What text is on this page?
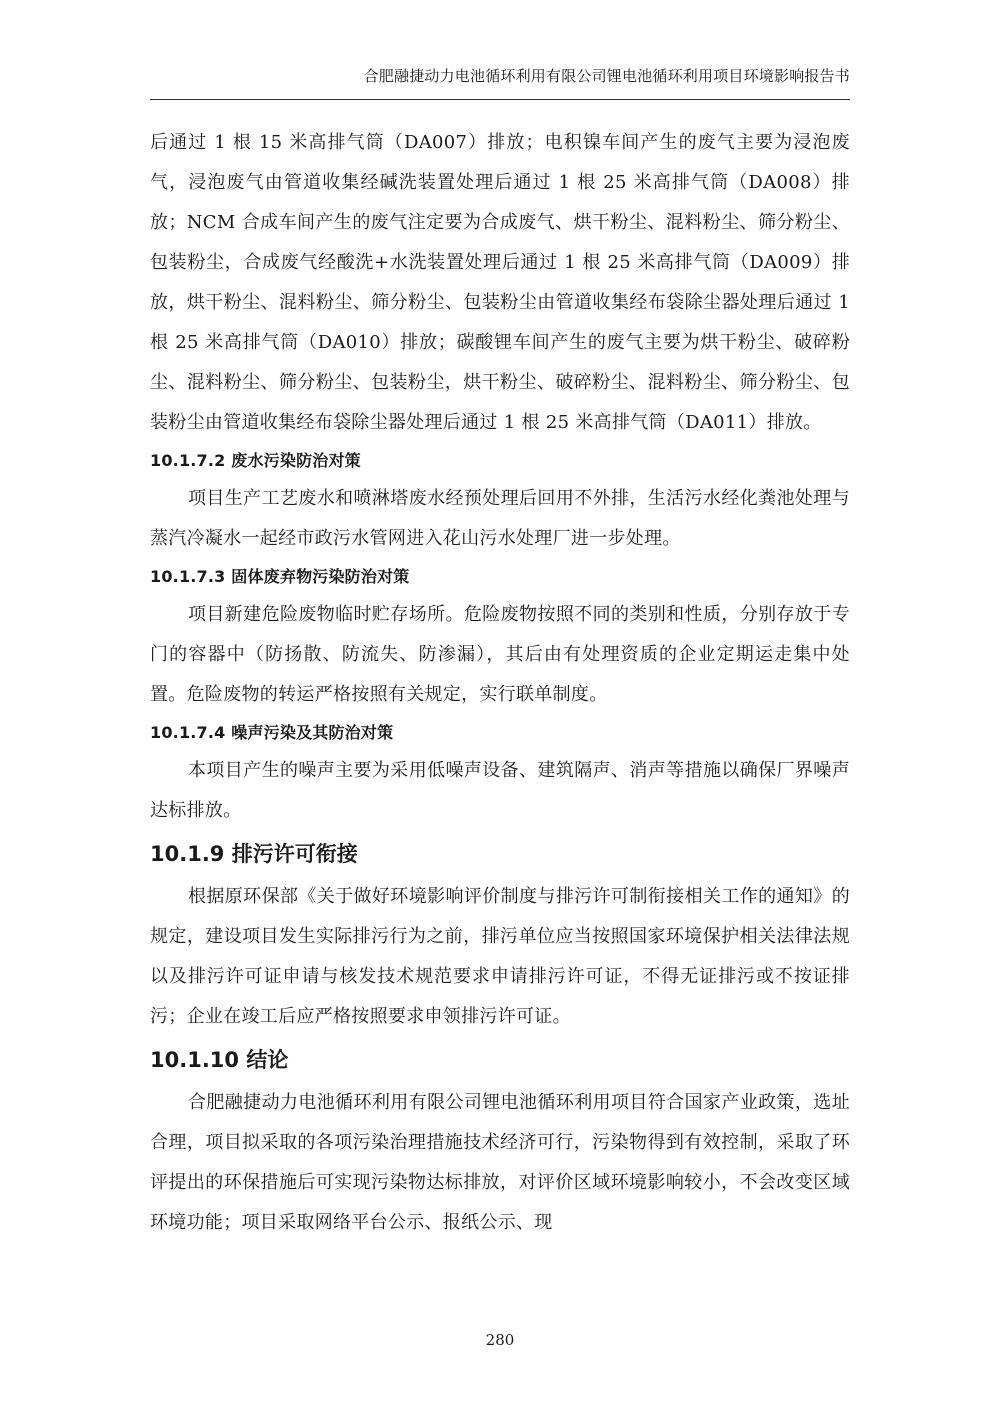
合肥融捷动力电池循环利用有限公司锂电池循环利用项目环境影响报告书

后通过 1 根 15 米高排气筒（DA007）排放；电积镍车间产生的废气主要为浸泡废气，浸泡废气由管道收集经碱洗装置处理后通过 1 根 25 米高排气筒（DA008）排放；NCM 合成车间产生的废气注定要为合成废气、烘干粉尘、混料粉尘、筛分粉尘、包装粉尘，合成废气经酸洗+水洗装置处理后通过 1 根 25 米高排气筒（DA009）排放，烘干粉尘、混料粉尘、筛分粉尘、包装粉尘由管道收集经布袋除尘器处理后通过 1 根 25 米高排气筒（DA010）排放；碳酸锂车间产生的废气主要为烘干粉尘、破碎粉尘、混料粉尘、筛分粉尘、包装粉尘，烘干粉尘、破碎粉尘、混料粉尘、筛分粉尘、包装粉尘由管道收集经布袋除尘器处理后通过 1 根 25 米高排气筒（DA011）排放。

10.1.7.2 废水污染防治对策

项目生产工艺废水和喷淋塔废水经预处理后回用不外排，生活污水经化粪池处理与蒸汽冷凝水一起经市政污水管网进入花山污水处理厂进一步处理。

10.1.7.3 固体废弃物污染防治对策

项目新建危险废物临时贮存场所。危险废物按照不同的类别和性质，分别存放于专门的容器中（防扬散、防流失、防渗漏），其后由有处理资质的企业定期运走集中处置。危险废物的转运严格按照有关规定，实行联单制度。

10.1.7.4 噪声污染及其防治对策

本项目产生的噪声主要为采用低噪声设备、建筑隔声、消声等措施以确保厂界噪声达标排放。

10.1.9 排污许可衔接

根据原环保部《关于做好环境影响评价制度与排污许可制衔接相关工作的通知》的规定，建设项目发生实际排污行为之前，排污单位应当按照国家环境保护相关法律法规以及排污许可证申请与核发技术规范要求申请排污许可证，不得无证排污或不按证排污；企业在竣工后应严格按照要求申领排污许可证。

10.1.10 结论

合肥融捷动力电池循环利用有限公司锂电池循环利用项目符合国家产业政策，选址合理，项目拟采取的各项污染治理措施技术经济可行，污染物得到有效控制，采取了环评提出的环保措施后可实现污染物达标排放，对评价区域环境影响较小，不会改变区域环境功能；项目采取网络平台公示、报纸公示、现

280
